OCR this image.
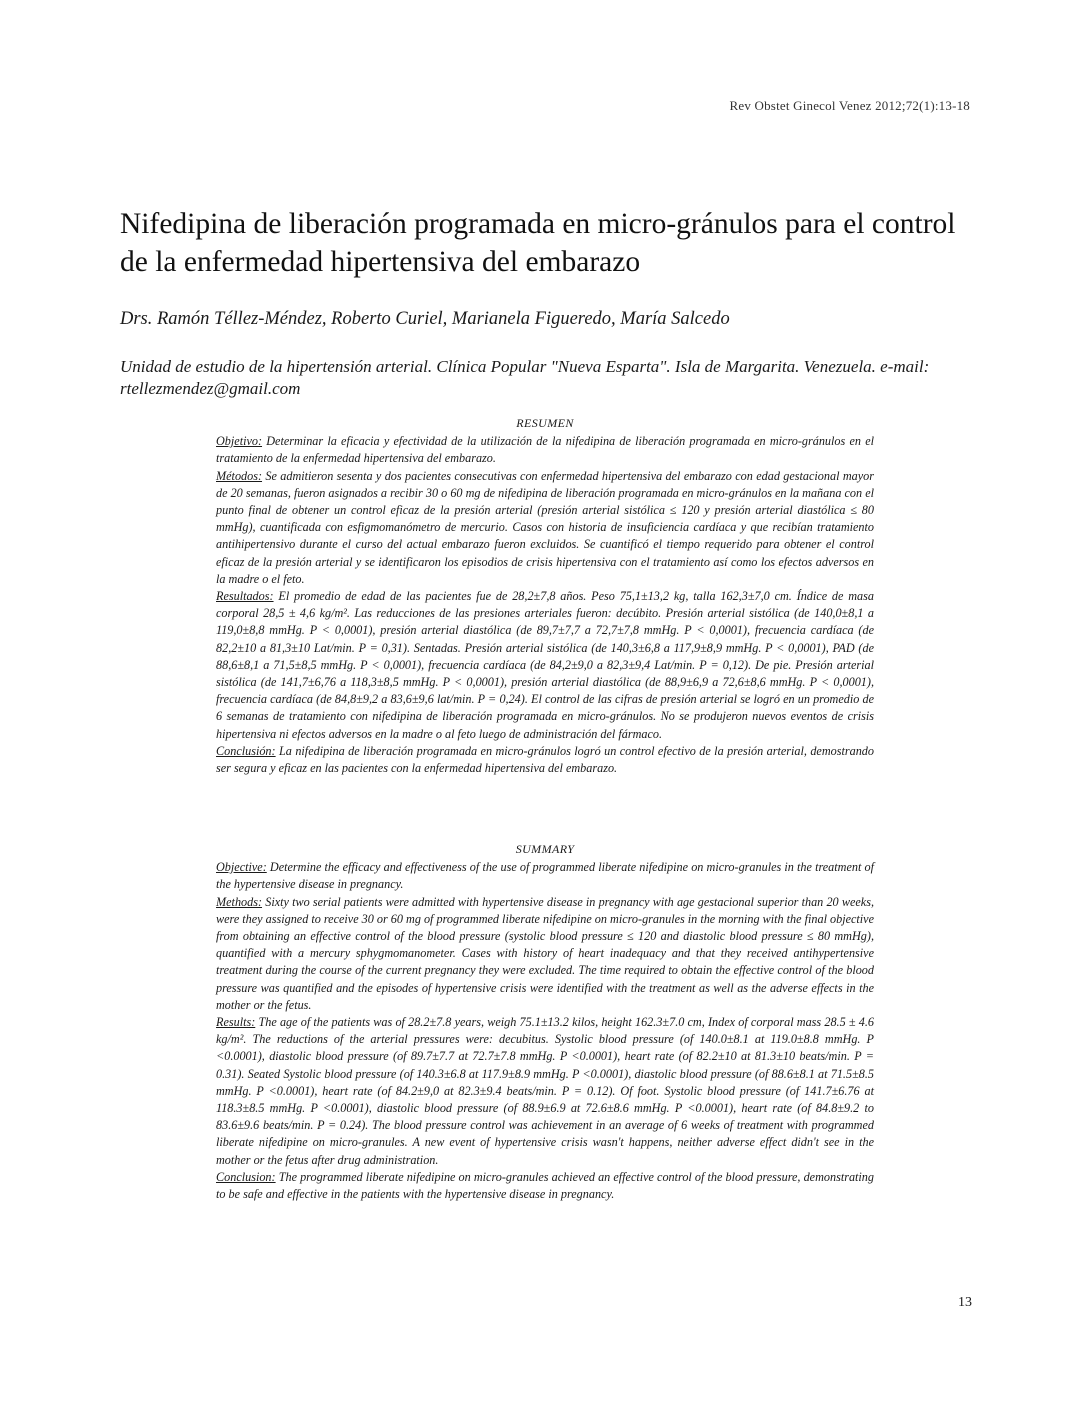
Rev Obstet Ginecol Venez 2012;72(1):13-18
Nifedipina de liberación programada en micro-gránulos para el control de la enfermedad hipertensiva del embarazo

Drs. Ramón Téllez-Méndez, Roberto Curiel, Marianela Figueredo, María Salcedo

Unidad de estudio de la hipertensión arterial. Clínica Popular "Nueva Esparta". Isla de Margarita. Venezuela. e-mail: rtellezmendez@gmail.com

RESUMEN

Objetivo: Determinar la eficacia y efectividad de la utilización de la nifedipina de liberación programada en micro-gránulos en el tratamiento de la enfermedad hipertensiva del embarazo.

Métodos: Se admitieron sesenta y dos pacientes consecutivas con enfermedad hipertensiva del embarazo con edad gestacional mayor de 20 semanas, fueron asignados a recibir 30 o 60 mg de nifedipina de liberación programada en micro-gránulos en la mañana con el punto final de obtener un control eficaz de la presión arterial (presión arterial sistólica ≤ 120 y presión arterial diastólica ≤ 80 mmHg), cuantificada con esfigmomanómetro de mercurio. Casos con historia de insuficiencia cardíaca y que recibían tratamiento antihipertensivo durante el curso del actual embarazo fueron excluidos. Se cuantificó el tiempo requerido para obtener el control eficaz de la presión arterial y se identificaron los episodios de crisis hipertensiva con el tratamiento así como los efectos adversos en la madre o el feto.

Resultados: El promedio de edad de las pacientes fue de 28,2±7,8 años. Peso 75,1±13,2 kg, talla 162,3±7,0 cm. Índice de masa corporal 28,5 ± 4,6 kg/m². Las reducciones de las presiones arteriales fueron: decúbito. Presión arterial sistólica (de 140,0±8,1 a 119,0±8,8 mmHg. P < 0,0001), presión arterial diastólica (de 89,7±7,7 a 72,7±7,8 mmHg. P < 0,0001), frecuencia cardíaca (de 82,2±10 a 81,3±10 Lat/min. P = 0,31). Sentadas. Presión arterial sistólica (de 140,3±6,8 a 117,9±8,9 mmHg. P < 0,0001), PAD (de 88,6±8,1 a 71,5±8,5 mmHg. P < 0,0001), frecuencia cardíaca (de 84,2±9,0 a 82,3±9,4 Lat/min. P = 0,12). De pie. Presión arterial sistólica (de 141,7±6,76 a 118,3±8,5 mmHg. P < 0,0001), presión arterial diastólica (de 88,9±6,9 a 72,6±8,6 mmHg. P < 0,0001), frecuencia cardíaca (de 84,8±9,2 a 83,6±9,6 lat/min. P = 0,24). El control de las cifras de presión arterial se logró en un promedio de 6 semanas de tratamiento con nifedipina de liberación programada en micro-gránulos. No se produjeron nuevos eventos de crisis hipertensiva ni efectos adversos en la madre o al feto luego de administración del fármaco.

Conclusión: La nifedipina de liberación programada en micro-gránulos logró un control efectivo de la presión arterial, demostrando ser segura y eficaz en las pacientes con la enfermedad hipertensiva del embarazo.

SUMMARY

Objective: Determine the efficacy and effectiveness of the use of programmed liberate nifedipine on micro-granules in the treatment of the hypertensive disease in pregnancy.

Methods: Sixty two serial patients were admitted with hypertensive disease in pregnancy with age gestacional superior than 20 weeks, were they assigned to receive 30 or 60 mg of programmed liberate nifedipine on micro-granules in the morning with the final objective from obtaining an effective control of the blood pressure (systolic blood pressure ≤ 120 and diastolic blood pressure ≤ 80 mmHg), quantified with a mercury sphygmomanometer. Cases with history of heart inadequacy and that they received antihypertensive treatment during the course of the current pregnancy they were excluded. The time required to obtain the effective control of the blood pressure was quantified and the episodes of hypertensive crisis were identified with the treatment as well as the adverse effects in the mother or the fetus.

Results: The age of the patients was of 28.2±7.8 years, weigh 75.1±13.2 kilos, height 162.3±7.0 cm, Index of corporal mass 28.5 ± 4.6 kg/m². The reductions of the arterial pressures were: decubitus. Systolic blood pressure (of 140.0±8.1 at 119.0±8.8 mmHg. P <0.0001), diastolic blood pressure (of 89.7±7.7 at 72.7±7.8 mmHg. P <0.0001), heart rate (of 82.2±10 at 81.3±10 beats/min. P = 0.31). Seated Systolic blood pressure (of 140.3±6.8 at 117.9±8.9 mmHg. P <0.0001), diastolic blood pressure (of 88.6±8.1 at 71.5±8.5 mmHg. P <0.0001), heart rate (of 84.2±9,0 at 82.3±9.4 beats/min. P = 0.12). Of foot. Systolic blood pressure (of 141.7±6.76 at 118.3±8.5 mmHg. P <0.0001), diastolic blood pressure (of 88.9±6.9 at 72.6±8.6 mmHg. P <0.0001), heart rate (of 84.8±9.2 to 83.6±9.6 beats/min. P = 0.24). The blood pressure control was achievement in an average of 6 weeks of treatment with programmed liberate nifedipine on micro-granules. A new event of hypertensive crisis wasn't happens, neither adverse effect didn't see in the mother or the fetus after drug administration.

Conclusion: The programmed liberate nifedipine on micro-granules achieved an effective control of the blood pressure, demonstrating to be safe and effective in the patients with the hypertensive disease in pregnancy.

13
